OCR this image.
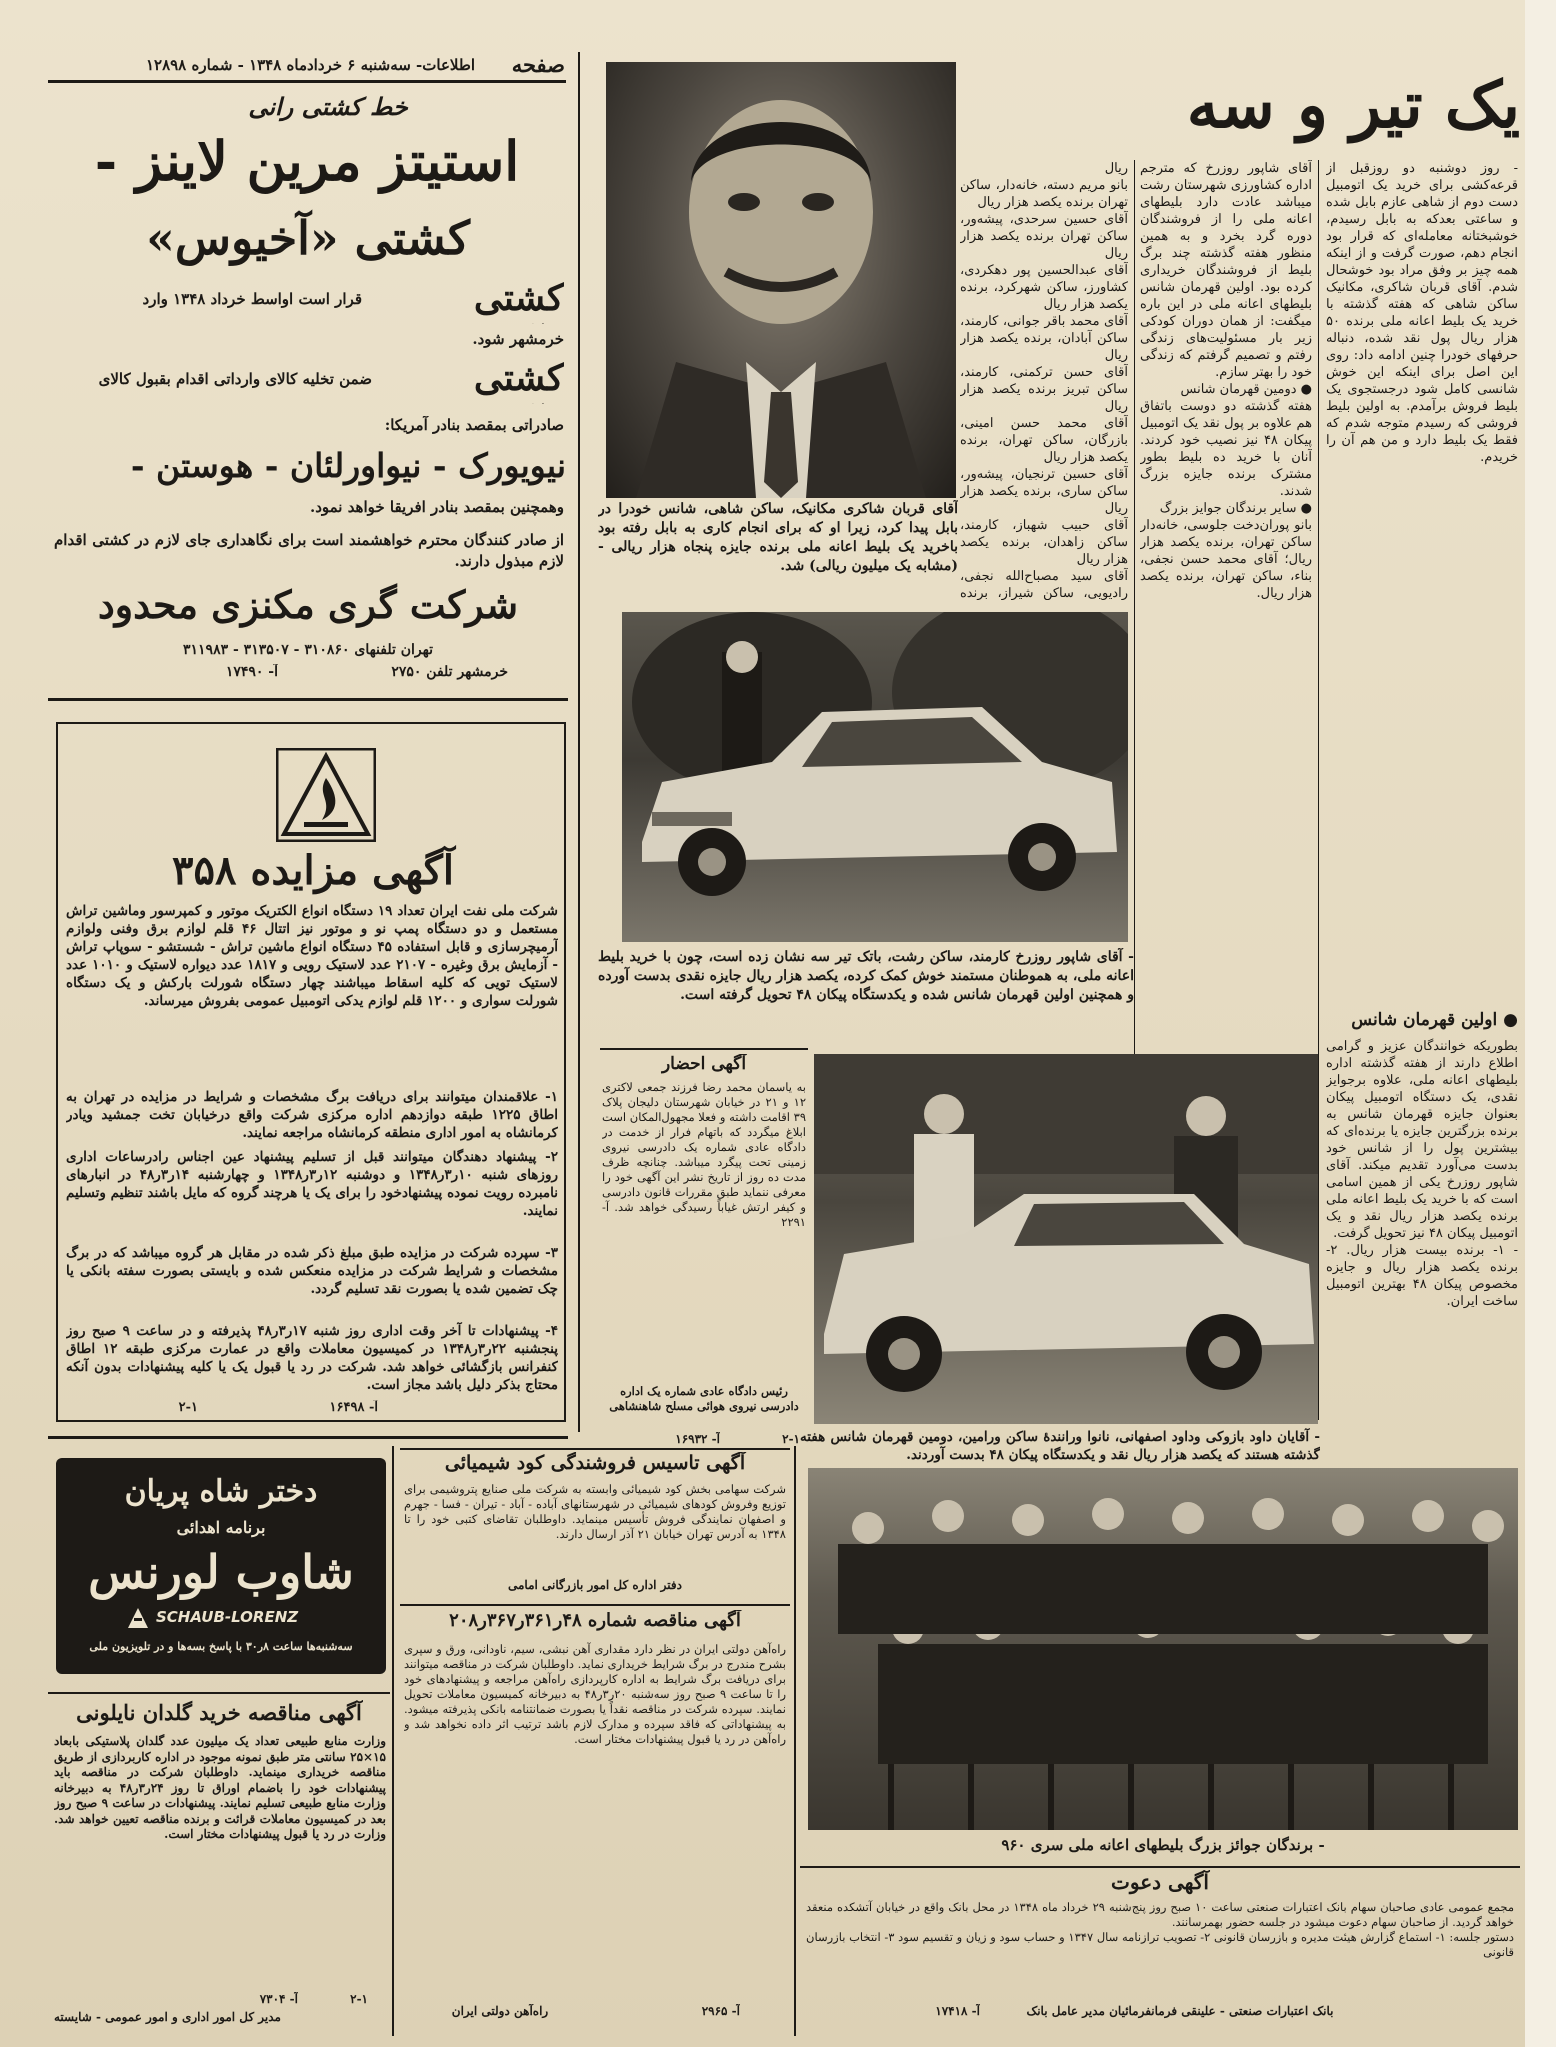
صفحه
اطلاعات- سه‌شنبه ۶ خردادماه ۱۳۴۸ - شماره ۱۲۸۹۸
خط کشتی رانی
استیتز مرین لاینز -
کشتی «آخیوس»
کشتی
قرار است اواسط خرداد ۱۳۴۸ وارد
خرمشهر شود.
کشتی
ضمن تخلیه کالای وارداتی اقدام بقبول کالای
صادراتی بمقصد بنادر آمریکا:
نیویورک - نیواورلئان - هوستن -
وهمچنین بمقصد بنادر افریقا خواهد نمود.
از صادر کنندگان محترم خواهشمند است برای نگاهداری جای لازم در کشتی اقدام لازم مبذول دارند.
شرکت گری مکنزی محدود
تهران تلفنهای ۳۱۰۸۶۰ - ۳۱۳۵۰۷ - ۳۱۱۹۸۳
خرمشهر تلفن ۲۷۵۰
آ- ۱۷۴۹۰
آگهی مزایده ۳۵۸
شرکت ملی نفت ایران تعداد ۱۹ دستگاه انواع الکتریک موتور و کمپرسور وماشین تراش مستعمل و دو دستگاه پمپ نو و موتور نیز اتتال ۴۶ قلم لوازم برق وفنی ولوازم آرمیچرسازی و قابل استفاده ۴۵ دستگاه انواع ماشین تراش - شستشو - سوپاپ تراش - آزمایش برق وغیره - ۲۱۰۷ عدد لاستیک رویی و ۱۸۱۷ عدد دیواره لاستیک و ۱۰۱۰ عدد لاستیک تویی که کلیه اسقاط میباشند چهار دستگاه شورلت بارکش و یک دستگاه شورلت سواری و ۱۲۰۰ قلم لوازم یدکی اتومبیل عمومی بفروش میرساند.
۱- علاقمندان میتوانند برای دریافت برگ مشخصات و شرایط در مزایده در تهران به اطاق ۱۲۲۵ طبقه دوازدهم اداره مرکزی شرکت واقع درخیابان تخت جمشید ویادر کرمانشاه به امور اداری منطقه کرمانشاه مراجعه نمایند.
۲- پیشنهاد دهندگان میتوانند قبل از تسلیم پیشنهاد عین اجناس رادرساعات اداری روزهای شنبه ۱۰ر۳ر۱۳۴۸ و دوشنبه ۱۲ر۳ر۱۳۴۸ و چهارشنبه ۱۴ر۳ر۴۸ در انبارهای نامبرده رویت نموده پیشنهادخود را برای یک یا هرچند گروه که مایل باشند تنظیم وتسلیم نمایند.
۳- سپرده شرکت در مزایده طبق مبلغ ذکر شده در مقابل هر گروه میباشد که در برگ مشخصات و شرایط شرکت در مزایده منعکس شده و بایستی بصورت سفته بانکی یا چک تضمین شده یا بصورت نقد تسلیم گردد.
۴- پیشنهادات تا آخر وقت اداری روز شنبه ۱۷ر۳ر۴۸ پذیرفته و در ساعت ۹ صبح روز پنجشنبه ۲۲ر۳ر۱۳۴۸ در کمیسیون معاملات واقع در عمارت مرکزی طبقه ۱۲ اطاق کنفرانس بازگشائی خواهد شد. شرکت در رد یا قبول یک یا کلیه پیشنهادات بدون آنکه محتاج بذکر دلیل باشد مجاز است.
آ- ۱۶۴۹۸
۲-۱
دختر شاه پریان
برنامه اهدائی
شاوب لورنس
SCHAUB-LORENZ
سه‌شنبه‌ها ساعت ۸ر۳۰ با پاسخ بسه‌ها و در تلویزیون ملی
آگهی مناقصه خرید گلدان نایلونی
وزارت منابع طبیعی تعداد یک میلیون عدد گلدان پلاستیکی بابعاد ۱۵×۲۵ سانتی متر طبق نمونه موجود در اداره کاربردازی از طریق مناقصه خریداری مینماید. داوطلبان شرکت در مناقصه باید پیشنهادات خود را باضمام اوراق تا روز ۲۴ر۳ر۴۸ به دبیرخانه وزارت منابع طبیعی تسلیم نمایند. پیشنهادات در ساعت ۹ صبح روز بعد در کمیسیون معاملات قرائت و برنده مناقصه تعیین خواهد شد. وزارت در رد یا قبول پیشنهادات مختار است.
آ- ۷۳۰۴	۲-۱
مدیر کل امور اداری و امور عمومی - شایسته
یک تیر و سه
- روز دوشنبه دو روزقبل از قرعه‌کشی برای خرید یک اتومبیل دست دوم از شاهی عازم بابل شده و ساعتی بعدکه به بابل رسیدم، خوشبختانه معامله‌ای که قرار بود انجام دهم، صورت گرفت و از اینکه همه چیز بر وفق مراد بود خوشحال شدم. آقای قربان شاکری، مکانیک ساکن شاهی که هفته گذشته با خرید یک بلیط اعانه ملی برنده ۵۰ هزار ریال پول نقد شده، دنباله حرفهای خودرا چنین ادامه داد: روی این اصل برای اینکه این خوش شانسی کامل شود درجستجوی یک بلیط فروش برآمدم. به اولین بلیط فروشی که رسیدم متوجه شدم که فقط یک بلیط دارد و من هم آن را خریدم.
آقای شاپور روزرخ که مترجم اداره کشاورزی شهرستان رشت میباشد عادت دارد بلیطهای اعانه ملی را از فروشندگان دوره گرد بخرد و به همین منظور هفته گذشته چند برگ بلیط از فروشندگان خریداری کرده بود. اولین قهرمان شانس بلیطهای اعانه ملی در این باره میگفت: از همان دوران کودکی زیر بار مسئولیت‌های زندگی رفتم و تصمیم گرفتم که زندگی خود را بهتر سازم.
● دومین قهرمان شانس
هفته گذشته دو دوست باتفاق هم علاوه بر پول نقد یک اتومبیل پیکان ۴۸ نیز نصیب خود کردند. آنان با خرید ده بلیط بطور مشترک برنده جایزه بزرگ شدند.
● سایر برندگان جوایز بزرگ
بانو پوران‌دخت جلوسی، خانه‌دار ساکن تهران، برنده یکصد هزار ریال؛ آقای محمد حسن نجفی، بناء، ساکن تهران، برنده یکصد هزار ریال.
ریال
بانو مریم دسته، خانه‌دار، ساکن تهران برنده یکصد هزار ریال
آقای حسین سرحدی، پیشه‌ور، ساکن تهران برنده یکصد هزار ریال
آقای عبدالحسین پور دهکردی، کشاورز، ساکن شهرکرد، برنده یکصد هزار ریال
آقای محمد باقر جوانی، کارمند، ساکن آبادان، برنده یکصد هزار ریال
آقای حسن ترکمنی، کارمند، ساکن تبریز برنده یکصد هزار ریال
آقای محمد حسن امینی، بازرگان، ساکن تهران، برنده یکصد هزار ریال
آقای حسین ترنجیان، پیشه‌ور، ساکن ساری، برنده یکصد هزار ریال
آقای حبیب شهباز، کارمند، ساکن زاهدان، برنده یکصد هزار ریال
آقای سید مصباح‌الله نجفی، رادیویی، ساکن شیراز، برنده
● اولین قهرمان شانس
بطوریکه خوانندگان عزیز و گرامی اطلاع دارند از هفته گذشته اداره بلیطهای اعانه ملی، علاوه برجوایز نقدی، یک دستگاه اتومبیل پیکان بعنوان جایزه قهرمان شانس به برنده بزرگترین جایزه یا برنده‌ای که بیشترین پول را از شانس خود بدست می‌آورد تقدیم میکند. آقای شاپور روزرخ یکی از همین اسامی است که با خرید یک بلیط اعانه ملی برنده یکصد هزار ریال نقد و یک اتومبیل پیکان ۴۸ نیز تحویل گرفت.
- ۱- برنده بیست هزار ریال. ۲- برنده یکصد هزار ریال و جایزه مخصوص پیکان ۴۸ بهترین اتومبیل ساخت ایران.
آقای قربان شاکری مکانیک، ساکن شاهی، شانس خودرا در بابل پیدا کرد، زیرا او که برای انجام کاری به بابل رفته بود باخرید یک بلیط اعانه ملی برنده جایزه پنجاه هزار ریالی - (مشابه یک میلیون ریالی) شد.
- آقای شاپور روزرخ کارمند، ساکن رشت، باتک تیر سه نشان زده است، چون با خرید بلیط اعانه ملی، به هموطنان مستمند خوش کمک کرده، یکصد هزار ریال جایزه نقدی بدست آورده و همچنین اولین قهرمان شانس شده و یکدستگاه پیکان ۴۸ تحویل گرفته است.
آگهی احضار
به یاسمان محمد رضا فرزند جمعی لاکتری ۱۲ و ۲۱ در خیابان شهرستان دلیجان پلاک ۳۹ اقامت داشته و فعلا مجهول‌المکان است ابلاغ میگردد که باتهام فرار از خدمت در دادگاه عادی شماره یک دادرسی نیروی زمینی تحت پیگرد میباشد. چنانچه ظرف مدت ده روز از تاریخ نشر این آگهی خود را معرفی ننماید طبق مقررات قانون دادرسی و کیفر ارتش غیاباً رسیدگی خواهد شد. آ- ۲۲۹۱
رئیس دادگاه عادی شماره یک اداره دادرسی نیروی هوائی مسلح شاهنشاهی
آ- ۱۶۹۳۲	۲-۱ - آقایان داود بازوکی وداود اصفهانی، نانوا ورانندهٔ ساکن ورامین، دومین قهرمان شانس هفته گذشته هستند که یکصد هزار ریال نقد و یکدستگاه پیکان ۴۸ بدست آوردند.
آگهی تاسیس فروشندگی کود شیمیائی
شرکت سهامی بخش کود شیمیائی وابسته به شرکت ملی صنایع پتروشیمی برای توزیع وفروش کودهای شیمیائی در شهرستانهای آباده - آباد - تیران - فسا - جهرم و اصفهان نمایندگی فروش تأسیس مینماید. داوطلبان تقاضای کتبی خود را تا ۱۳۴۸ به آدرس تهران خیابان ۲۱ آذر ارسال دارند.
دفتر اداره کل امور بازرگانی امامی
آگهی مناقصه شماره ۴۸ر۳۶۱ر۳۶۷ر۲۰۸
راه‌آهن دولتی ایران در نظر دارد مقداری آهن نبشی، سیم، ناودانی، ورق و سپری بشرح مندرج در برگ شرایط خریداری نماید. داوطلبان شرکت در مناقصه میتوانند برای دریافت برگ شرایط به اداره کارپردازی راه‌آهن مراجعه و پیشنهادهای خود را تا ساعت ۹ صبح روز سه‌شنبه ۲۰ر۳ر۴۸ به دبیرخانه کمیسیون معاملات تحویل نمایند. سپرده شرکت در مناقصه نقداً یا بصورت ضمانتنامه بانکی پذیرفته میشود. به پیشنهاداتی که فاقد سپرده و مدارک لازم باشد ترتیب اثر داده نخواهد شد و راه‌آهن در رد یا قبول پیشنهادات مختار است.
راه‌آهن دولتی ایران	آ- ۲۹۶۵
- برندگان جوائز بزرگ بلیطهای اعانه ملی سری ۹۶۰
آگهی دعوت
مجمع عمومی عادی صاحبان سهام بانک اعتبارات صنعتی ساعت ۱۰ صبح روز پنج‌شنبه ۲۹ خرداد ماه ۱۳۴۸ در محل بانک واقع در خیابان آتشکده منعقد خواهد گردید. از صاحبان سهام دعوت میشود در جلسه حضور بهمرسانند.
دستور جلسه: ۱- استماع گزارش هیئت مدیره و بازرسان قانونی ۲- تصویب ترازنامه سال ۱۳۴۷ و حساب سود و زیان و تقسیم سود ۳- انتخاب بازرسان قانونی
بانک اعتبارات صنعتی - علینقی فرمانفرمائیان مدیر عامل بانک
آ- ۱۷۴۱۸
